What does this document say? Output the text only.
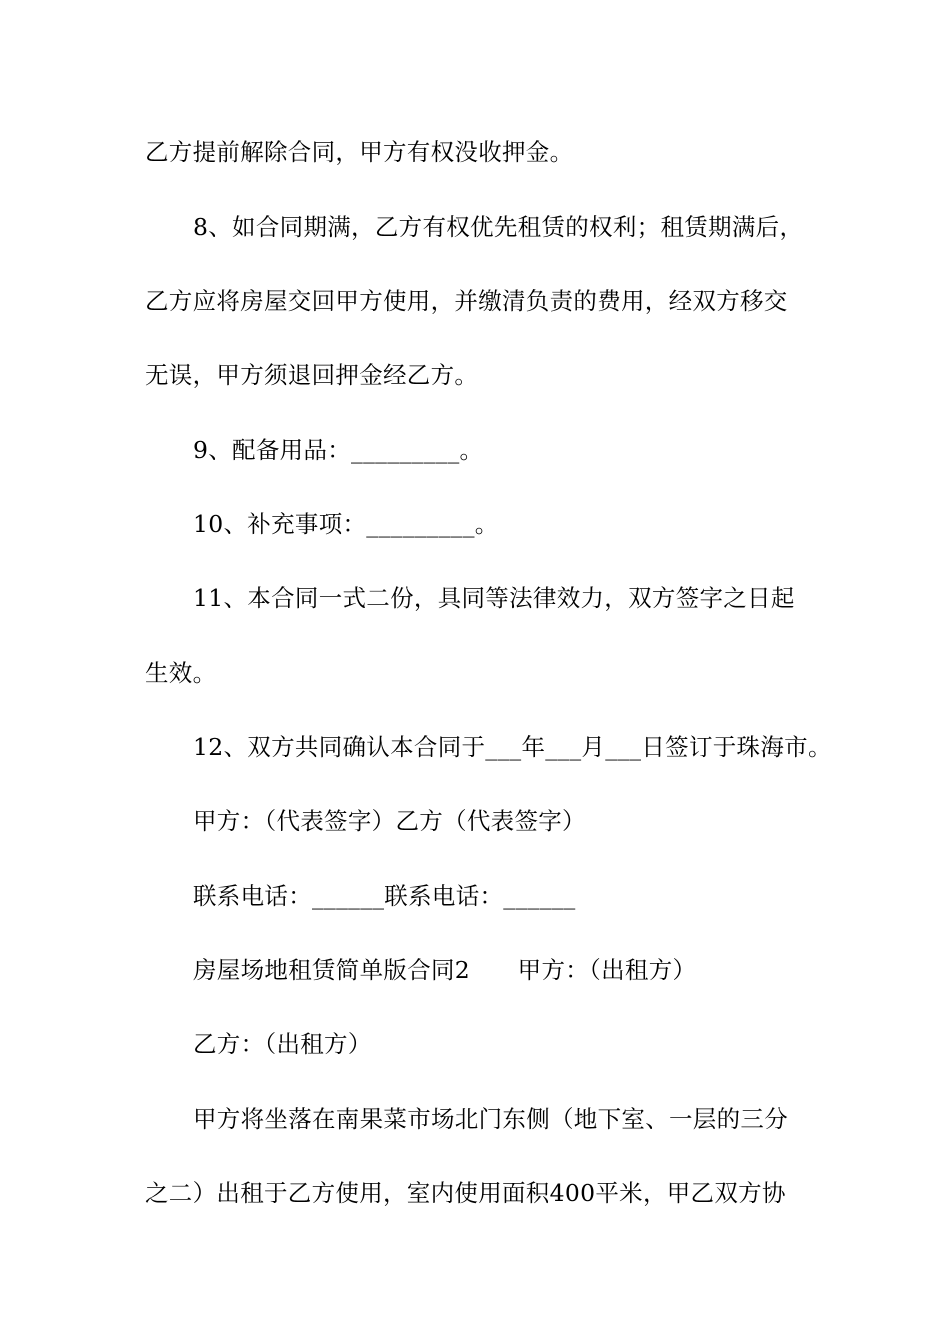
乙方提前解除合同，甲方有权没收押金。
8、如合同期满，乙方有权优先租赁的权利；租赁期满后，
乙方应将房屋交回甲方使用，并缴清负责的费用，经双方移交
无误，甲方须退回押金经乙方。
9、配备用品：_________。
10、补充事项：_________。
11、本合同一式二份，具同等法律效力，双方签字之日起
生效。
12、双方共同确认本合同于___年___月___日签订于珠海市。
甲方：（代表签字）乙方（代表签字）
联系电话：______联系电话：______
房屋场地租赁简单版合同2　　甲方：（出租方）
乙方：（出租方）
甲方将坐落在南果菜市场北门东侧（地下室、一层的三分
之二）出租于乙方使用，室内使用面积400平米，甲乙双方协
